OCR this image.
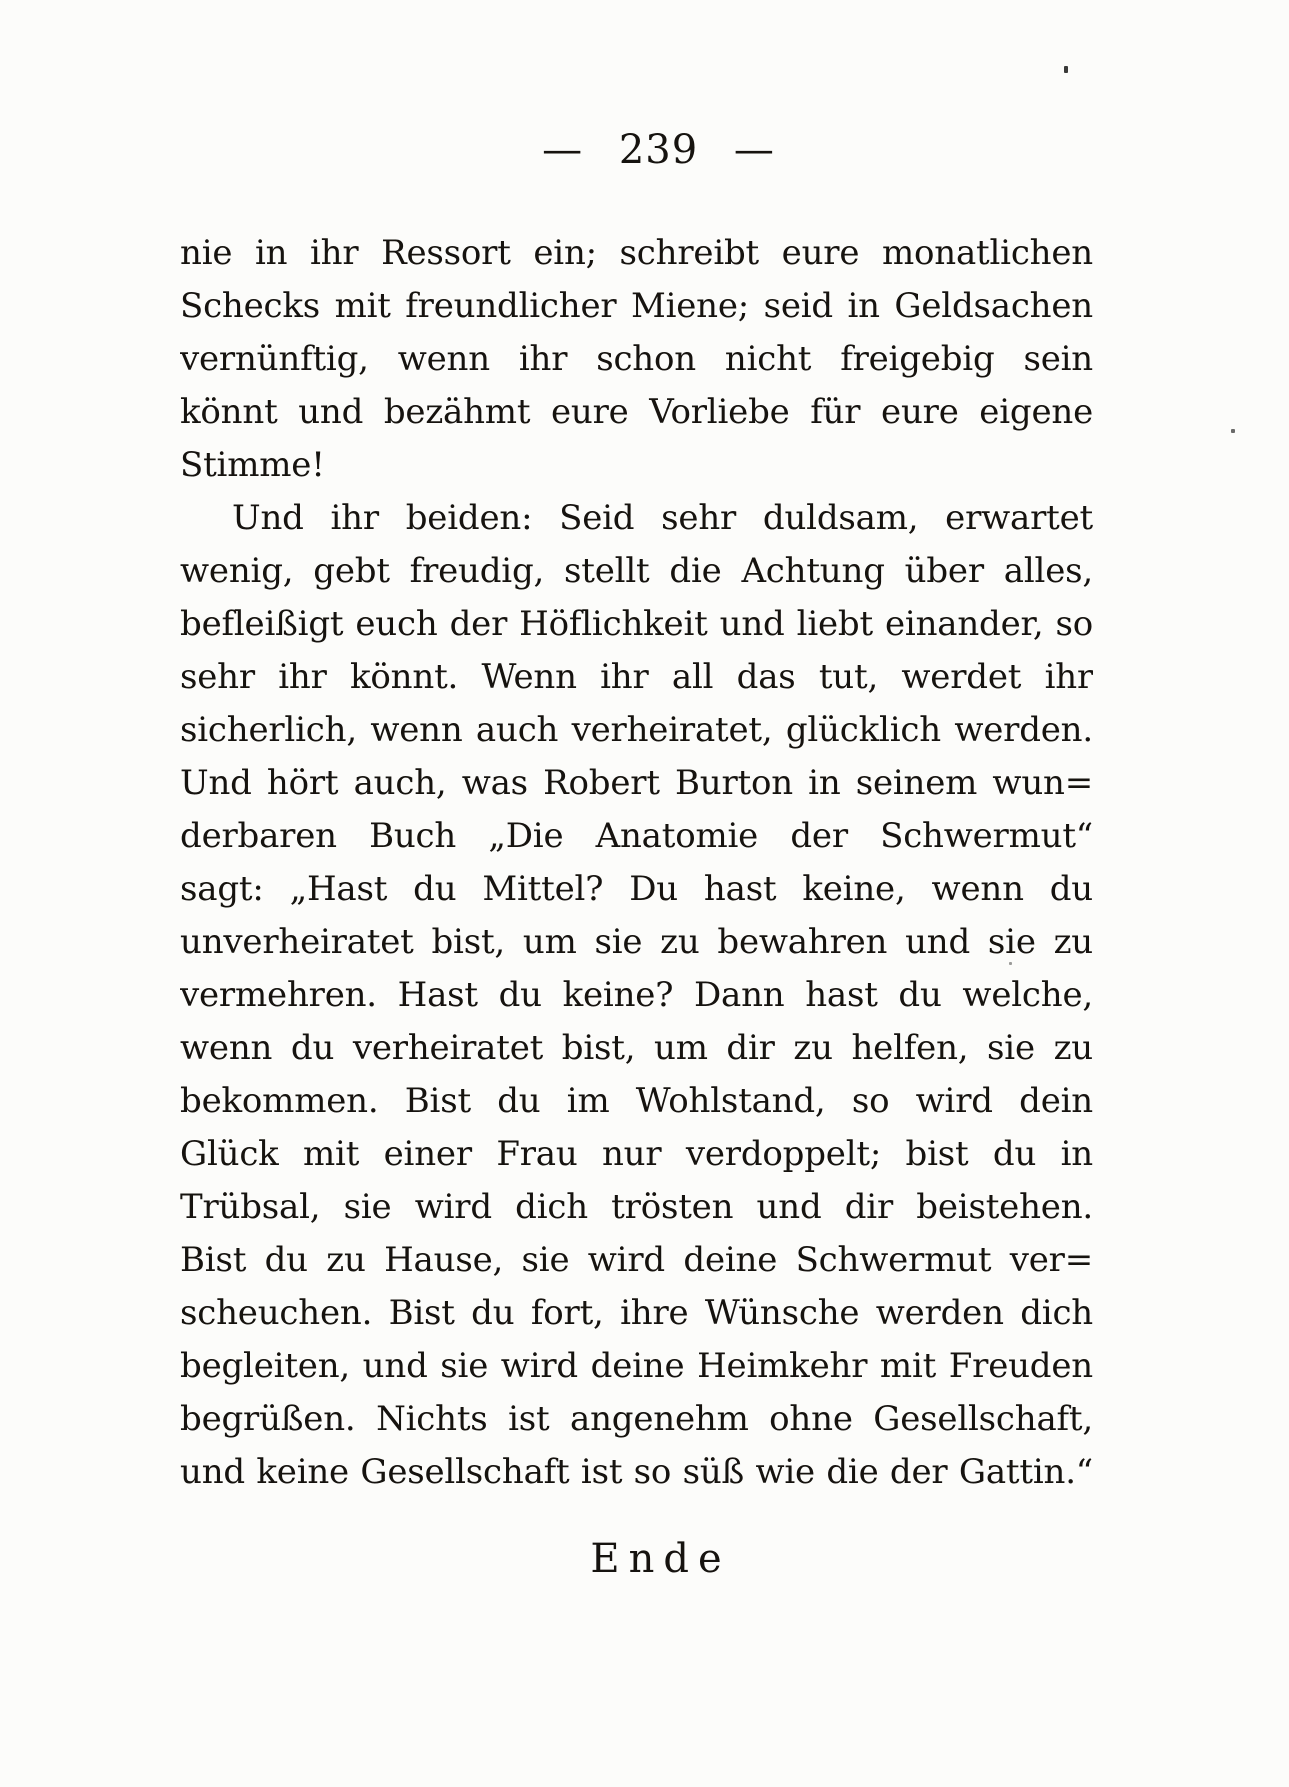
— 239 —
nie in ihr Ressort ein; schreibt eure monatlichen
Schecks mit freundlicher Miene; seid in Geldsachen
vernünftig, wenn ihr schon nicht freigebig sein
könnt und bezähmt eure Vorliebe für eure eigene
Stimme!
Und ihr beiden: Seid sehr duldsam, erwartet
wenig, gebt freudig, stellt die Achtung über alles,
befleißigt euch der Höflichkeit und liebt einander, so
sehr ihr könnt. Wenn ihr all das tut, werdet ihr
sicherlich, wenn auch verheiratet, glücklich werden.
Und hört auch, was Robert Burton in seinem wun=
derbaren Buch „Die Anatomie der Schwermut“
sagt: „Hast du Mittel? Du hast keine, wenn du
unverheiratet bist, um sie zu bewahren und sie zu
vermehren. Hast du keine? Dann hast du welche,
wenn du verheiratet bist, um dir zu helfen, sie zu
bekommen. Bist du im Wohlstand, so wird dein
Glück mit einer Frau nur verdoppelt; bist du in
Trübsal, sie wird dich trösten und dir beistehen.
Bist du zu Hause, sie wird deine Schwermut ver=
scheuchen. Bist du fort, ihre Wünsche werden dich
begleiten, und sie wird deine Heimkehr mit Freuden
begrüßen. Nichts ist angenehm ohne Gesellschaft,
und keine Gesellschaft ist so süß wie die der Gattin.“
Ende
